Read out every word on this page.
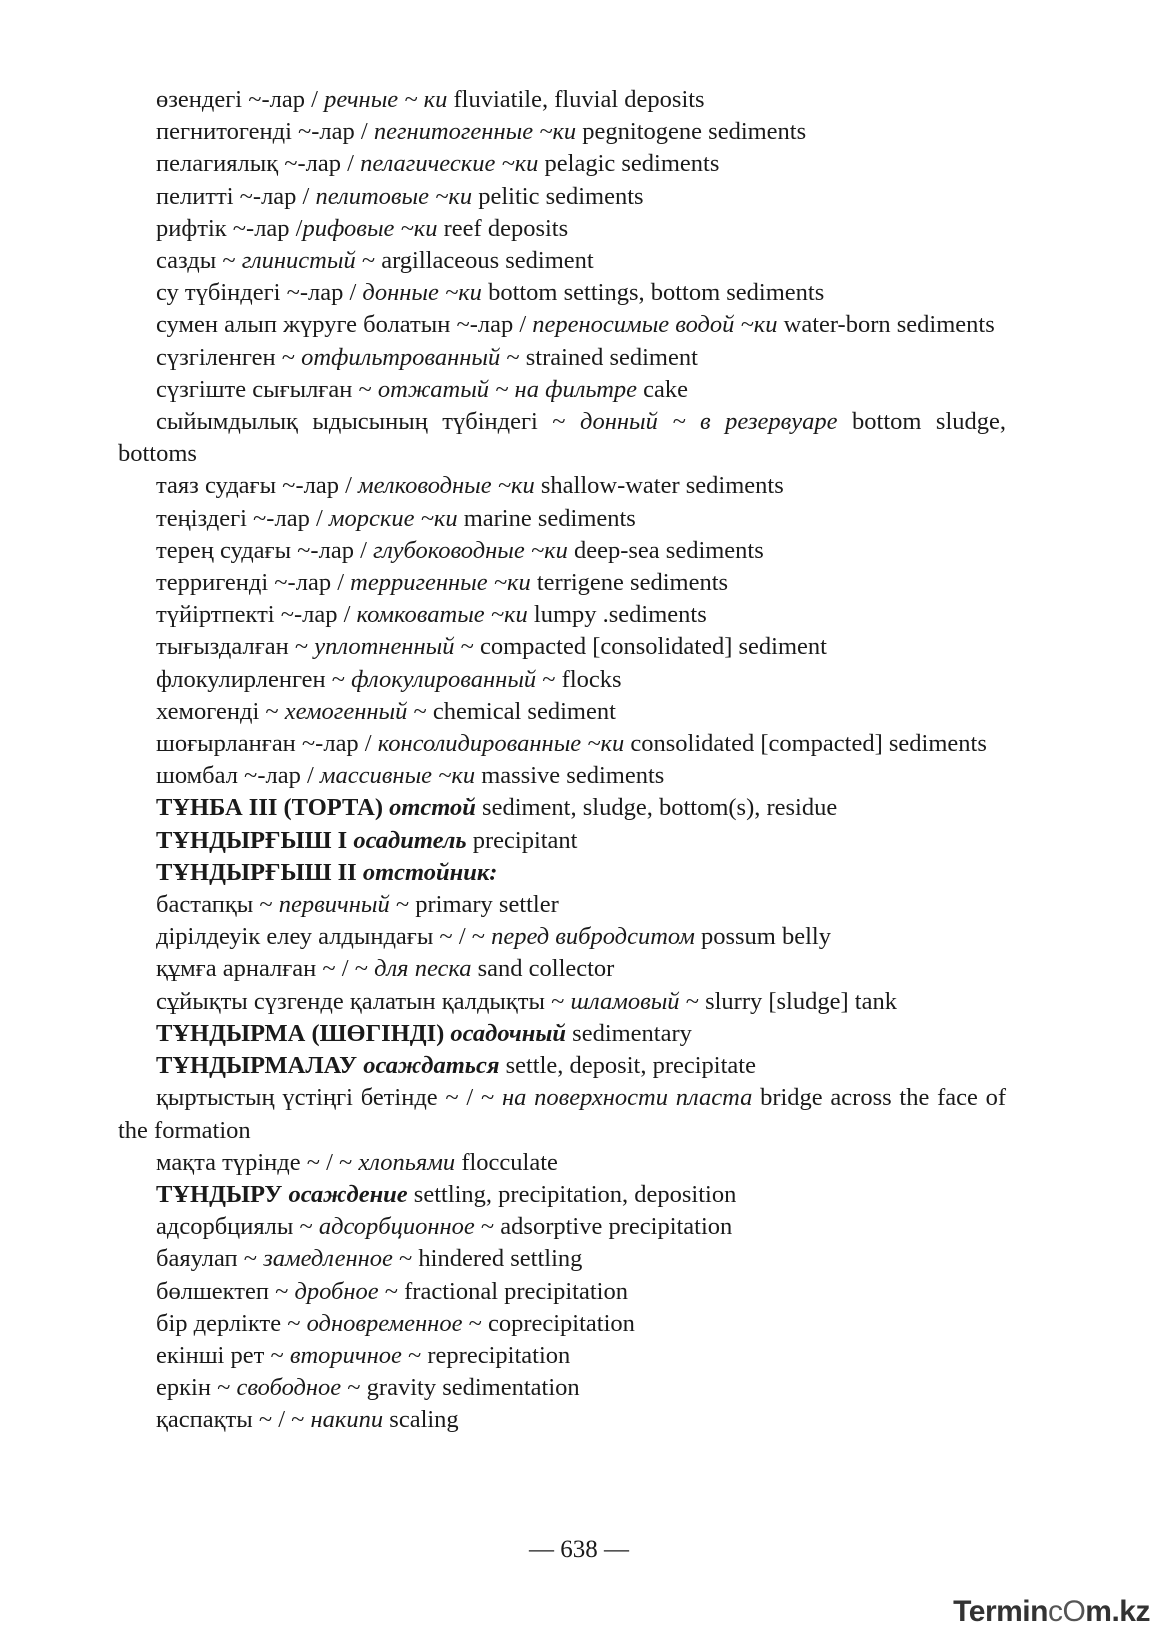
өзендегі ~-лар / речные ~ ки fluviatile, fluvial deposits

пегнитогенді ~-лар / пегнитогенные ~ки pegnitogene sediments

пелагиялық ~-лар / пелагические ~ки pelagic sediments

пелитті ~-лар / пелитовые ~ки pelitic sediments

рифтік ~-лар /рифовые ~ки reef deposits

сазды ~ глинистый ~ argillaceous sediment

су түбіндегі ~-лар / донные ~ки bottom settings, bottom sediments

сумен алып жүруге болатын ~-лар / переносимые водой ~ки water-born sediments

сүзгіленген ~ отфильтрованный ~ strained sediment

сүзгіште сығылған ~ отжатый ~ на фильтре cake

сыйымдылық ыдысының түбіндегі ~ донный ~ в резервуаре bottom sludge, bottoms

таяз судағы ~-лар / мелководные ~ки shallow-water sediments

теңіздегі ~-лар / морские ~ки marine sediments

терең судағы ~-лар / глубоководные ~ки deep-sea sediments

терригенді ~-лар / терригенные ~ки terrigene sediments

түйіртпекті ~-лар / комковатые ~ки lumpy .sediments

тығыздалған ~ уплотненный ~ compacted [consolidated] sediment

флокулирленген ~ флокулированный ~ flocks

хемогенді ~ хемогенный ~ chemical sediment

шоғырланған ~-лар / консолидированные ~ки consolidated [compacted] sediments

шомбал ~-лар / массивные ~ки massive sediments

ТҰНБА ІІІ (ТОРТА) отстой sediment, sludge, bottom(s), residue

ТҰНДЫРҒЫШ І осадитель precipitant

ТҰНДЫРҒЫШ ІІ отстойник:

бастапқы ~ первичный ~ primary settler

дірілдеуік елеу алдындағы ~ / ~ перед вибродситом possum belly

құмға арналған ~ / ~ для песка sand collector

сұйықты сүзгенде қалатын қалдықты ~ шламовый ~ slurry [sludge] tank

ТҰНДЫРМА (ШӨГІНДІ) осадочный sedimentary

ТҰНДЫРМАЛАУ осаждаться settle, deposit, precipitate

қыртыстың үстіңгі бетінде ~ / ~ на поверхности пласта bridge across the face of the formation

мақта түрінде ~ / ~ хлопьями flocculate

ТҰНДЫРУ осаждение settling, precipitation, deposition

адсорбциялы ~ адсорбционное ~ adsorptive precipitation

баяулап ~ замедленное ~ hindered settling

бөлшектеп ~ дробное ~ fractional precipitation

бір дерлікте ~ одновременное ~ coprecipitation

екінші рет ~ вторичное ~ reprecipitation

еркін ~ свободное ~ gravity sedimentation

қаспақты ~ / ~ накипи scaling

— 638 —
TermincOm.kz
